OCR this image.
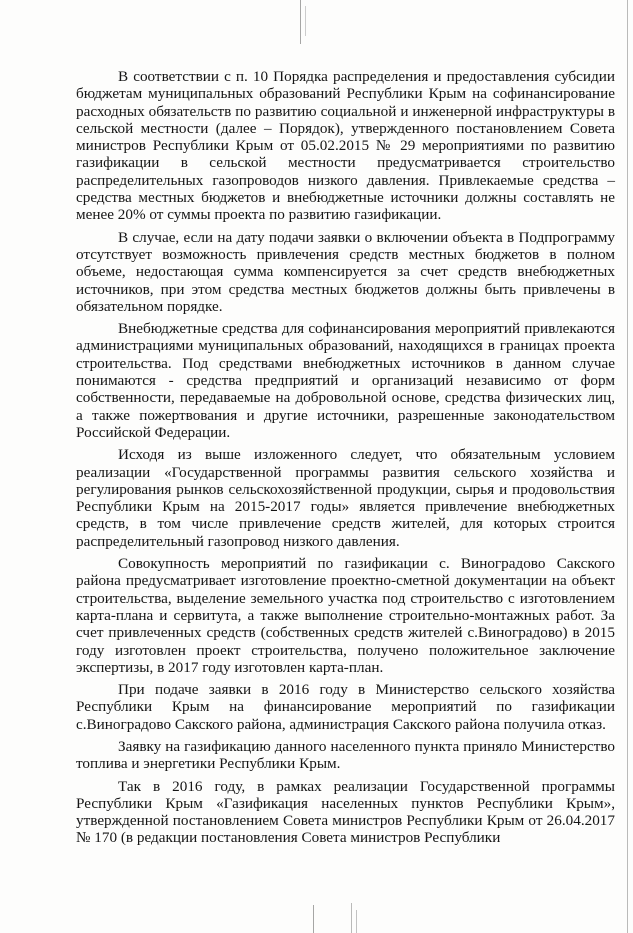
В соответствии с п. 10 Порядка распределения и предоставления субсидии бюджетам муниципальных образований Республики Крым на софинансирование расходных обязательств по развитию социальной и инженерной инфраструктуры в сельской местности (далее – Порядок), утвержденного постановлением Совета министров Республики Крым от 05.02.2015 № 29 мероприятиями по развитию газификации в сельской местности предусматривается строительство распределительных газопроводов низкого давления. Привлекаемые средства – средства местных бюджетов и внебюджетные источники должны составлять не менее 20% от суммы проекта по развитию газификации.

В случае, если на дату подачи заявки о включении объекта в Подпрограмму отсутствует возможность привлечения средств местных бюджетов в полном объеме, недостающая сумма компенсируется за счет средств внебюджетных источников, при этом средства местных бюджетов должны быть привлечены в обязательном порядке.

Внебюджетные средства для софинансирования мероприятий привлекаются администрациями муниципальных образований, находящихся в границах проекта строительства. Под средствами внебюджетных источников в данном случае понимаются - средства предприятий и организаций независимо от форм собственности, передаваемые на добровольной основе, средства физических лиц, а также пожертвования и другие источники, разрешенные законодательством Российской Федерации.

Исходя из выше изложенного следует, что обязательным условием реализации «Государственной программы развития сельского хозяйства и регулирования рынков сельскохозяйственной продукции, сырья и продовольствия Республики Крым на 2015-2017 годы» является привлечение внебюджетных средств, в том числе привлечение средств жителей, для которых строится распределительный газопровод низкого давления.

Совокупность мероприятий по газификации с. Виноградово Сакского района предусматривает изготовление проектно-сметной документации на объект строительства, выделение земельного участка под строительство с изготовлением карта-плана и сервитута, а также выполнение строительно-монтажных работ. За счет привлеченных средств (собственных средств жителей с.Виноградово) в 2015 году изготовлен проект строительства, получено положительное заключение экспертизы, в 2017 году изготовлен карта-план.

При подаче заявки в 2016 году в Министерство сельского хозяйства Республики Крым на финансирование мероприятий по газификации с.Виноградово Сакского района, администрация Сакского района получила отказ.

Заявку на газификацию данного населенного пункта приняло Министерство топлива и энергетики Республики Крым.

Так в 2016 году, в рамках реализации Государственной программы Республики Крым «Газификация населенных пунктов Республики Крым», утвержденной постановлением Совета министров Республики Крым от 26.04.2017 № 170 (в редакции постановления Совета министров Республики
